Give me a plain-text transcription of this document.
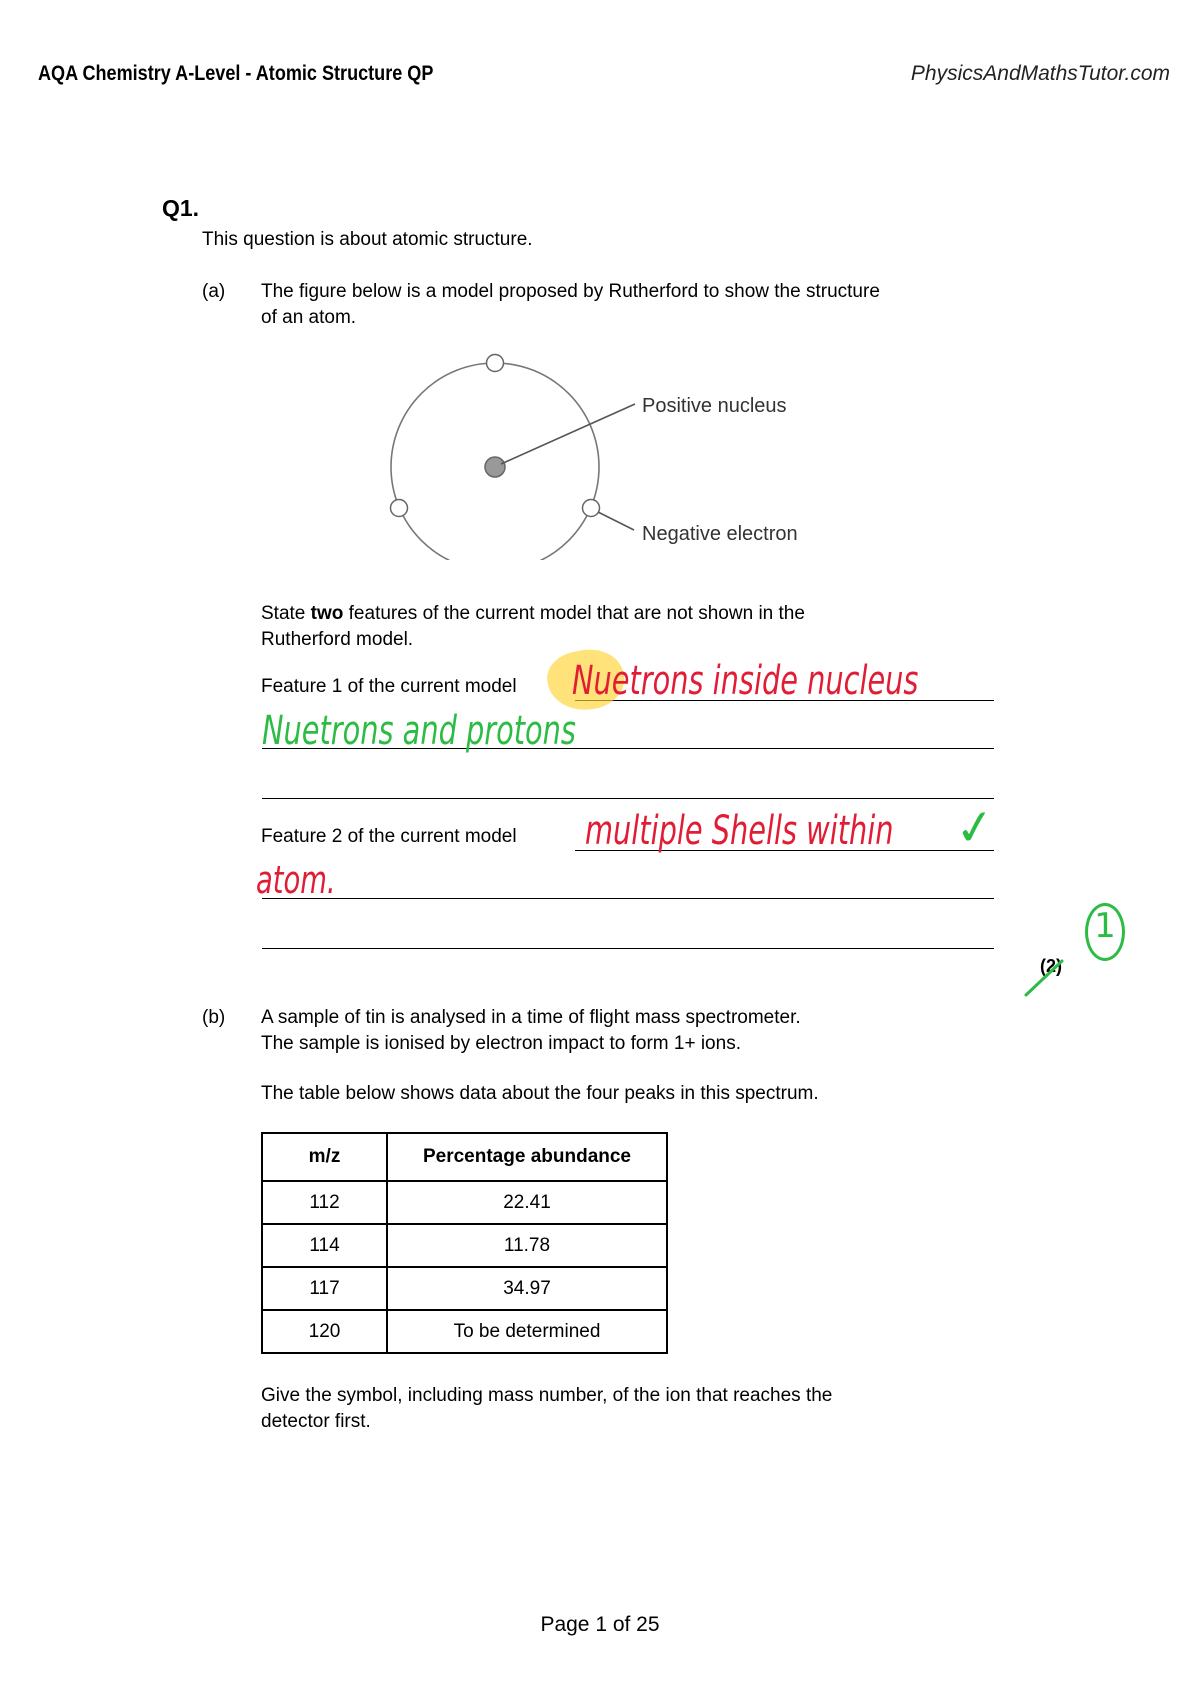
AQA Chemistry A-Level - Atomic Structure QP	PhysicsAndMathsTutor.com
Q1.
This question is about atomic structure.
(a) The figure below is a model proposed by Rutherford to show the structure
of an atom.
Positive nucleus
Negative electron
State two features of the current model that are not shown in the
Rutherford model.
Feature 1 of the current model
Feature 2 of the current model
Nuetrons inside nucleus
Nuetrons and protons
multiple Shells within
atom.
✓
(2)
1
(b) A sample of tin is analysed in a time of flight mass spectrometer.
The sample is ionised by electron impact to form 1+ ions.
The table below shows data about the four peaks in this spectrum.
m/z	Percentage abundance
112	22.41
114	11.78
117	34.97
120	To be determined
Give the symbol, including mass number, of the ion that reaches the
detector first.
Page 1 of 25
